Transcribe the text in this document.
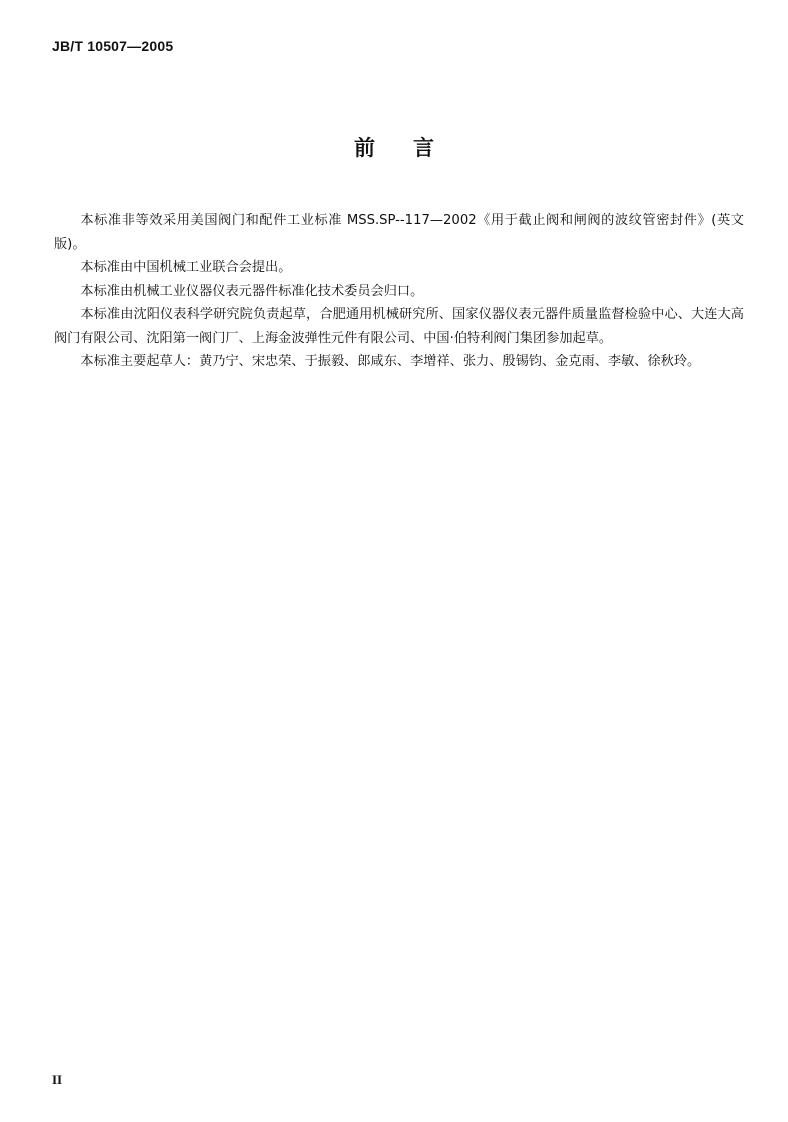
JB/T 10507—2005
前言

本标准非等效采用美国阀门和配件工业标准 MSS.SP--117—2002《用于截止阀和闸阀的波纹管密封件》(英文版)。

本标准由中国机械工业联合会提出。

本标准由机械工业仪器仪表元器件标准化技术委员会归口。

本标准由沈阳仪表科学研究院负责起草，合肥通用机械研究所、国家仪器仪表元器件质量监督检验中心、大连大高阀门有限公司、沈阳第一阀门厂、上海金波弹性元件有限公司、中国·伯特利阀门集团参加起草。

本标准主要起草人：黄乃宁、宋忠荣、于振毅、郎咸东、李增祥、张力、殷锡钧、金克雨、李敏、徐秋玲。

II
